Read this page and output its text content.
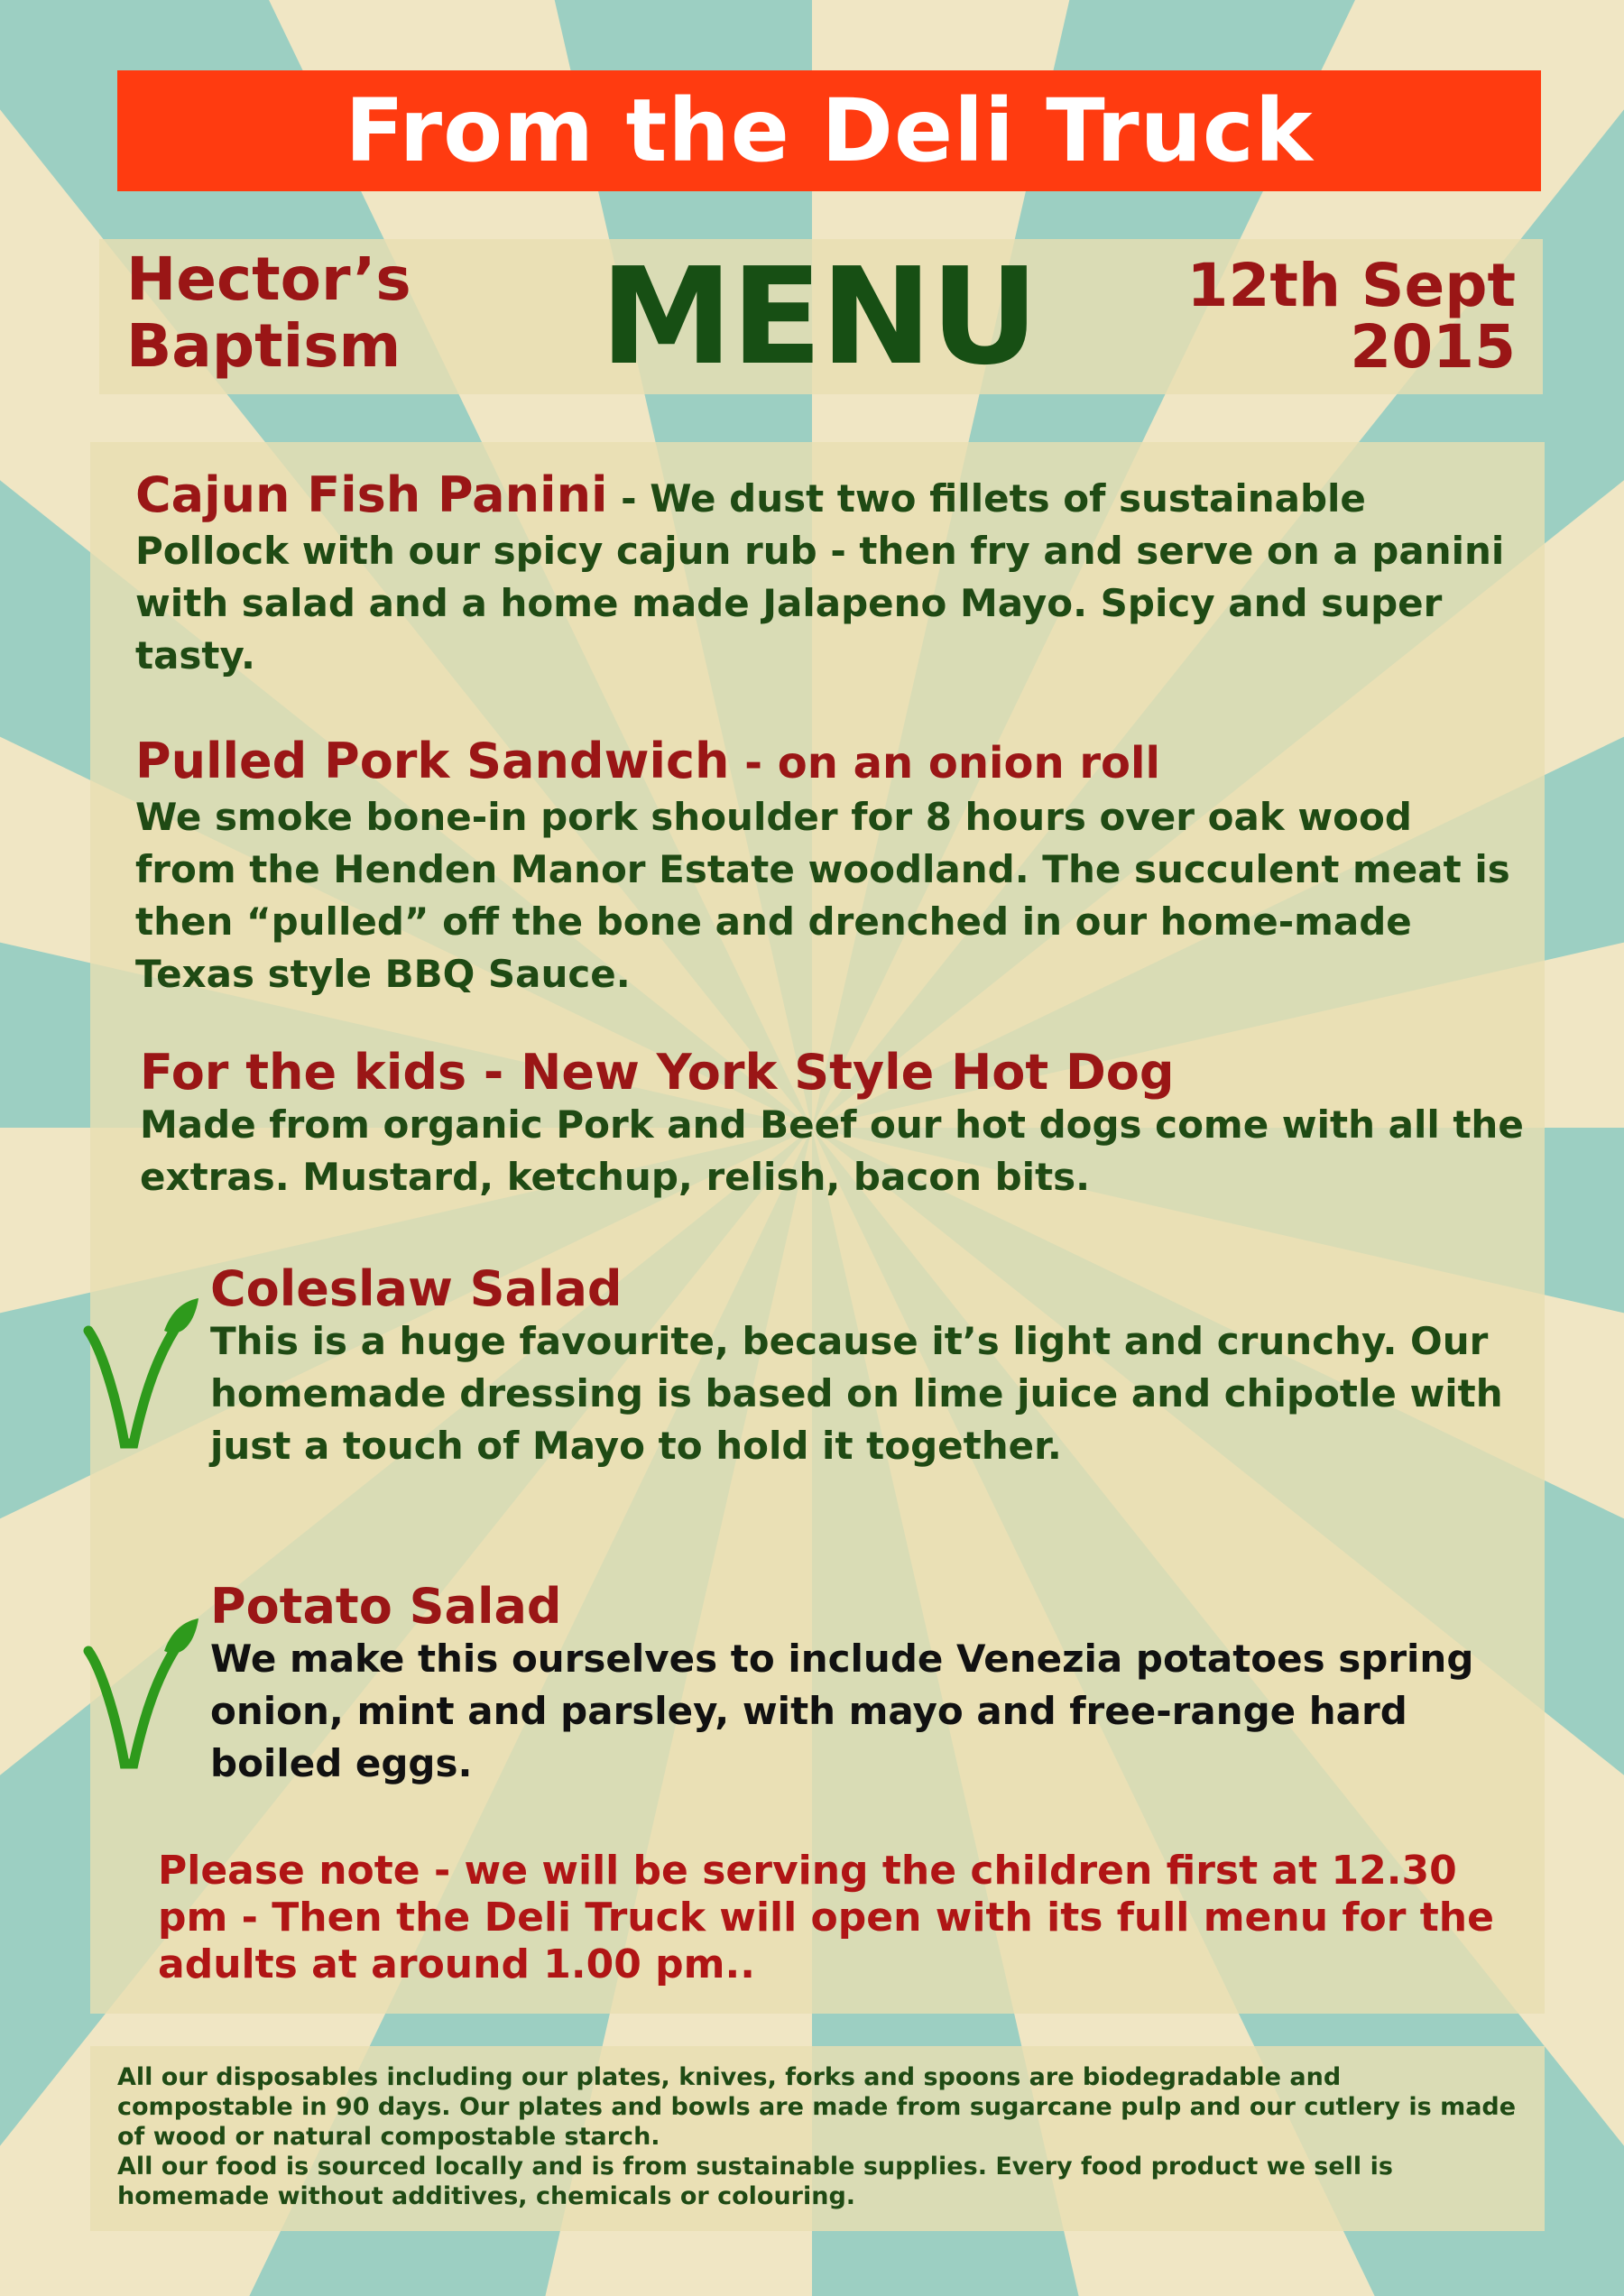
From the Deli Truck
Hector’s
Baptism MENU	12th Sept
2015
Cajun Fish Panini - We dust two fillets of sustainable Pollock with our spicy cajun rub - then fry and serve on a panini with salad and a home made Jalapeno Mayo. Spicy and super tasty.
Pulled Pork Sandwich - on an onion roll
We smoke bone-in pork shoulder for 8 hours over oak wood from the Henden Manor Estate woodland. The succulent meat is then “pulled” off the bone and drenched in our home-made Texas style BBQ Sauce.
For the kids - New York Style Hot Dog
Made from organic Pork and Beef our hot dogs come with all the extras. Mustard, ketchup, relish, bacon bits.
Coleslaw Salad
This is a huge favourite, because it’s light and crunchy. Our homemade dressing is based on lime juice and chipotle with just a touch of Mayo to hold it together.
Potato Salad
We make this ourselves to include Venezia potatoes spring onion, mint and parsley, with mayo and free-range hard boiled eggs.
Please note - we will be serving the children first at 12.30 pm - Then the Deli Truck will open with its full menu for the adults at around 1.00 pm..
All our disposables including our plates, knives, forks and spoons are biodegradable and compostable in 90 days. Our plates and bowls are made from sugarcane pulp and our cutlery is made of wood or natural compostable starch.
All our food is sourced locally and is from sustainable supplies. Every food product we sell is homemade without additives, chemicals or colouring.
